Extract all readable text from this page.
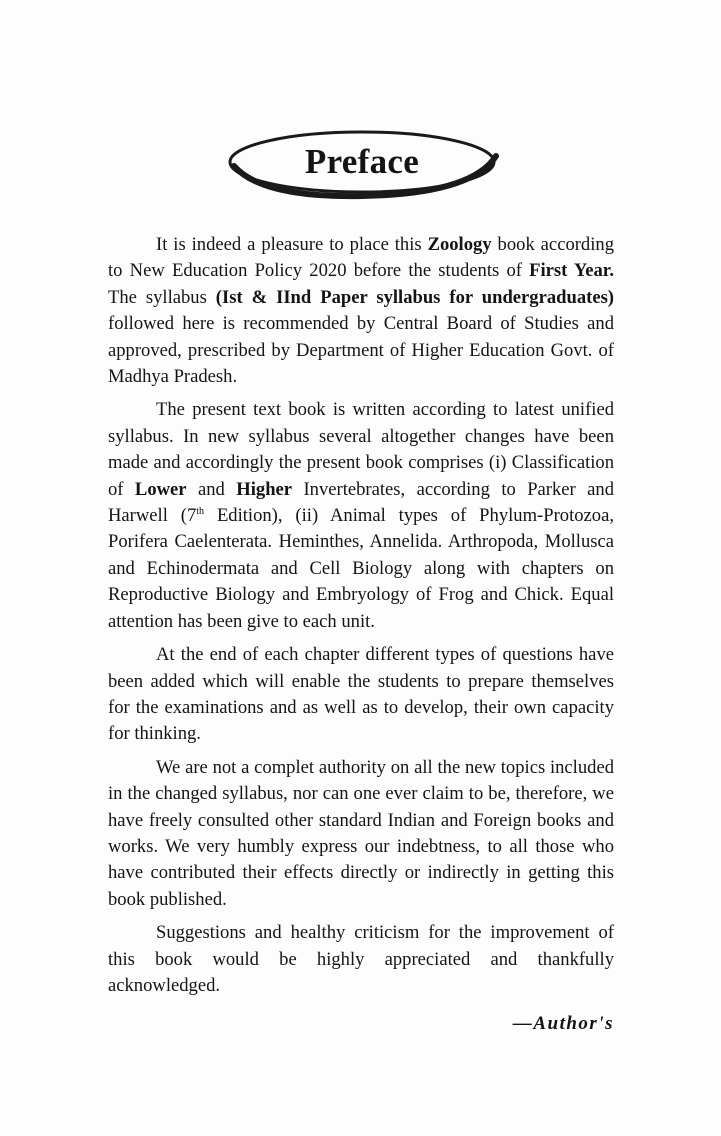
Preface

It is indeed a pleasure to place this Zoology book according to New Education Policy 2020 before the students of First Year. The syllabus (Ist & IInd Paper syllabus for undergraduates) followed here is recommended by Central Board of Studies and approved, prescribed by Department of Higher Education Govt. of Madhya Pradesh.

The present text book is written according to latest unified syllabus. In new syllabus several altogether changes have been made and accordingly the present book comprises (i) Classification of Lower and Higher Invertebrates, according to Parker and Harwell (7th Edition), (ii) Animal types of Phylum-Protozoa, Porifera Caelenterata. Heminthes, Annelida. Arthropoda, Mollusca and Echinodermata and Cell Biology along with chapters on Reproductive Biology and Embryology of Frog and Chick. Equal attention has been give to each unit.

At the end of each chapter different types of questions have been added which will enable the students to prepare themselves for the examinations and as well as to develop, their own capacity for thinking.

We are not a complet authority on all the new topics included in the changed syllabus, nor can one ever claim to be, therefore, we have freely consulted other standard Indian and Foreign books and works. We very humbly express our indebtness, to all those who have contributed their effects directly or indirectly in getting this book published.

Suggestions and healthy criticism for the improvement of this book would be highly appreciated and thankfully acknowledged.

—Author's
